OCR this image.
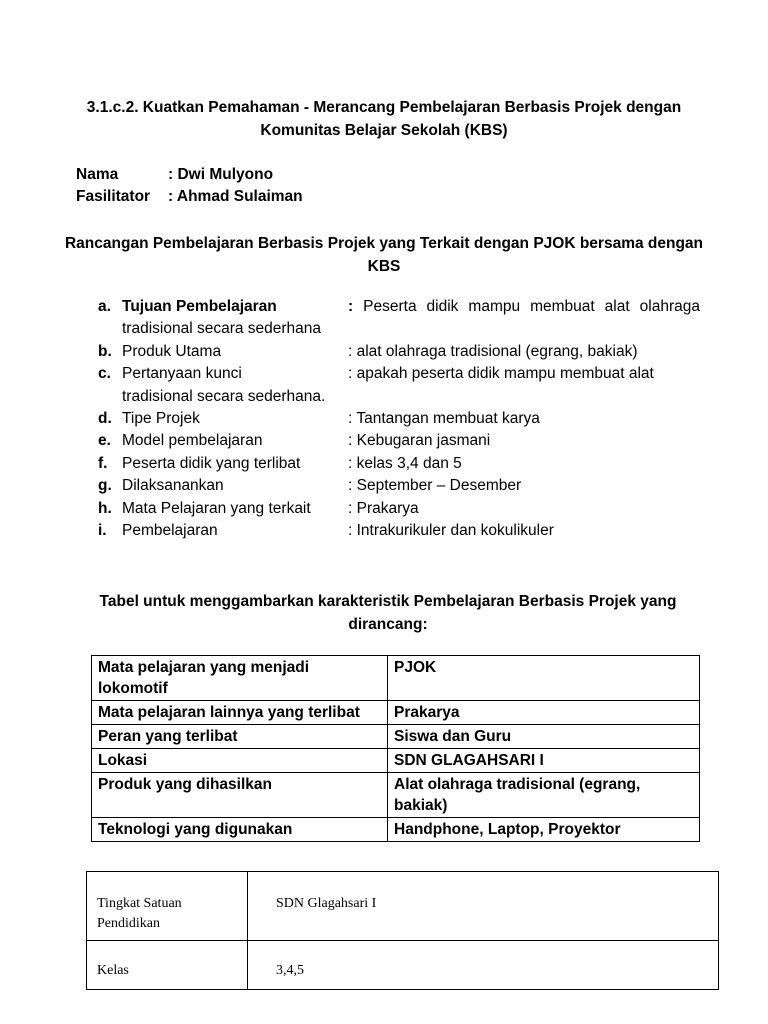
3.1.c.2. Kuatkan Pemahaman - Merancang Pembelajaran Berbasis Projek dengan
Komunitas Belajar Sekolah (KBS)
Nama	: Dwi Mulyono
Fasilitator	: Ahmad Sulaiman
Rancangan Pembelajaran Berbasis Projek yang Terkait dengan PJOK bersama dengan
KBS
a. Tujuan Pembelajaran	: Peserta didik mampu membuat alat olahraga
tradisional secara sederhana
b. Produk Utama	: alat olahraga tradisional (egrang, bakiak)
c. Pertanyaan kunci	: apakah peserta didik mampu membuat alat
tradisional secara sederhana.
d. Tipe Projek	: Tantangan membuat karya
e. Model pembelajaran	: Kebugaran jasmani
f. Peserta didik yang terlibat	: kelas 3,4 dan 5
g. Dilaksanankan	: September – Desember
h. Mata Pelajaran yang terkait : Prakarya
i. Pembelajaran	: Intrakurikuler dan kokulikuler
Tabel untuk menggambarkan karakteristik Pembelajaran Berbasis Projek yang
dirancang:
Mata pelajaran yang menjadi lokomotif	PJOK
Mata pelajaran lainnya yang terlibat	Prakarya
Peran yang terlibat	Siswa dan Guru
Lokasi	SDN GLAGAHSARI I
Produk yang dihasilkan	Alat olahraga tradisional (egrang, bakiak)
Teknologi yang digunakan	Handphone, Laptop, Proyektor
Tingkat Satuan Pendidikan	SDN Glagahsari I
Kelas	3,4,5
